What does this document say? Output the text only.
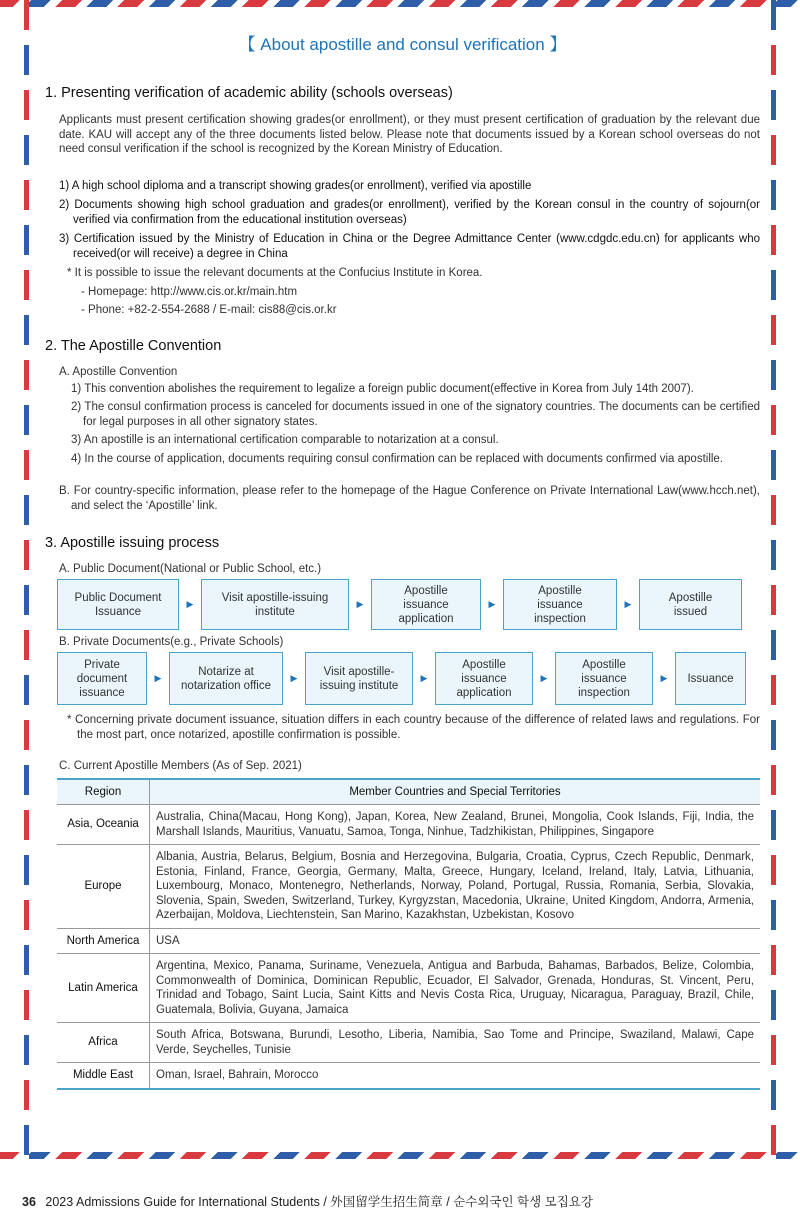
【 About apostille and consul verification 】
1. Presenting verification of academic ability (schools overseas)

Applicants must present certification showing grades(or enrollment), or they must present certification of graduation by the relevant due date. KAU will accept any of the three documents listed below. Please note that documents issued by a Korean school overseas do not need consul verification if the school is recognized by the Korean Ministry of Education.

1) A high school diploma and a transcript showing grades(or enrollment), verified via apostille
2) Documents showing high school graduation and grades(or enrollment), verified by the Korean consul in the country of sojourn(or verified via confirmation from the educational institution overseas)
3) Certification issued by the Ministry of Education in China or the Degree Admittance Center (www.cdgdc.edu.cn) for applicants who received(or will receive) a degree in China
* It is possible to issue the relevant documents at the Confucius Institute in Korea.
- Homepage: http://www.cis.or.kr/main.htm
- Phone: +82-2-554-2688 / E-mail: cis88@cis.or.kr
2. The Apostille Convention
A. Apostille Convention
1) This convention abolishes the requirement to legalize a foreign public document(effective in Korea from July 14th 2007).
2) The consul confirmation process is canceled for documents issued in one of the signatory countries. The documents can be certified for legal purposes in all other signatory states.
3) An apostille is an international certification comparable to notarization at a consul.
4) In the course of application, documents requiring consul confirmation can be replaced with documents confirmed via apostille.
B. For country-specific information, please refer to the homepage of the Hague Conference on Private International Law(www.hcch.net), and select the ‘Apostille’ link.
3. Apostille issuing process
A. Public Document(National or Public School, etc.)
Public Document Issuance
▶
Visit apostille-issuing institute
▶
Apostille issuance application
▶
Apostille issuance inspection
▶
Apostille issued
B. Private Documents(e.g., Private Schools)
Private document issuance
▶
Notarize at notarization office
▶
Visit apostille-issuing institute
▶
Apostille issuance application
▶
Apostille issuance inspection
▶	Issuance
* Concerning private document issuance, situation differs in each country because of the difference of related laws and regulations. For the most part, once notarized, apostille confirmation is possible.
C. Current Apostille Members (As of Sep. 2021)
Region	Member Countries and Special Territories
Asia, Oceania	Australia, China(Macau, Hong Kong), Japan, Korea, New Zealand, Brunei, Mongolia, Cook Islands, Fiji, India, the Marshall Islands, Mauritius, Vanuatu, Samoa, Tonga, Ninhue, Tadzhikistan, Philippines, Singapore
Europe	Albania, Austria, Belarus, Belgium, Bosnia and Herzegovina, Bulgaria, Croatia, Cyprus, Czech Republic, Denmark, Estonia, Finland, France, Georgia, Germany, Malta, Greece, Hungary, Iceland, Ireland, Italy, Latvia, Lithuania, Luxembourg, Monaco, Montenegro, Netherlands, Norway, Poland, Portugal, Russia, Romania, Serbia, Slovakia, Slovenia, Spain, Sweden, Switzerland, Turkey, Kyrgyzstan, Macedonia, Ukraine, United Kingdom, Andorra, Armenia, Azerbaijan, Moldova, Liechtenstein, San Marino, Kazakhstan, Uzbekistan, Kosovo
North America	USA
Latin America	Argentina, Mexico, Panama, Suriname, Venezuela, Antigua and Barbuda, Bahamas, Barbados, Belize, Colombia, Commonwealth of Dominica, Dominican Republic, Ecuador, El Salvador, Grenada, Honduras, St. Vincent, Peru, Trinidad and Tobago, Saint Lucia, Saint Kitts and Nevis Costa Rica, Uruguay, Nicaragua, Paraguay, Brazil, Chile, Guatemala, Bolivia, Guyana, Jamaica
Africa	South Africa, Botswana, Burundi, Lesotho, Liberia, Namibia, Sao Tome and Principe, Swaziland, Malawi, Cape Verde, Seychelles, Tunisie
Middle East	Oman, Israel, Bahrain, Morocco
36 2023 Admissions Guide for International Students / 外国留学生招生简章 / 순수외국인 학생 모집요강
